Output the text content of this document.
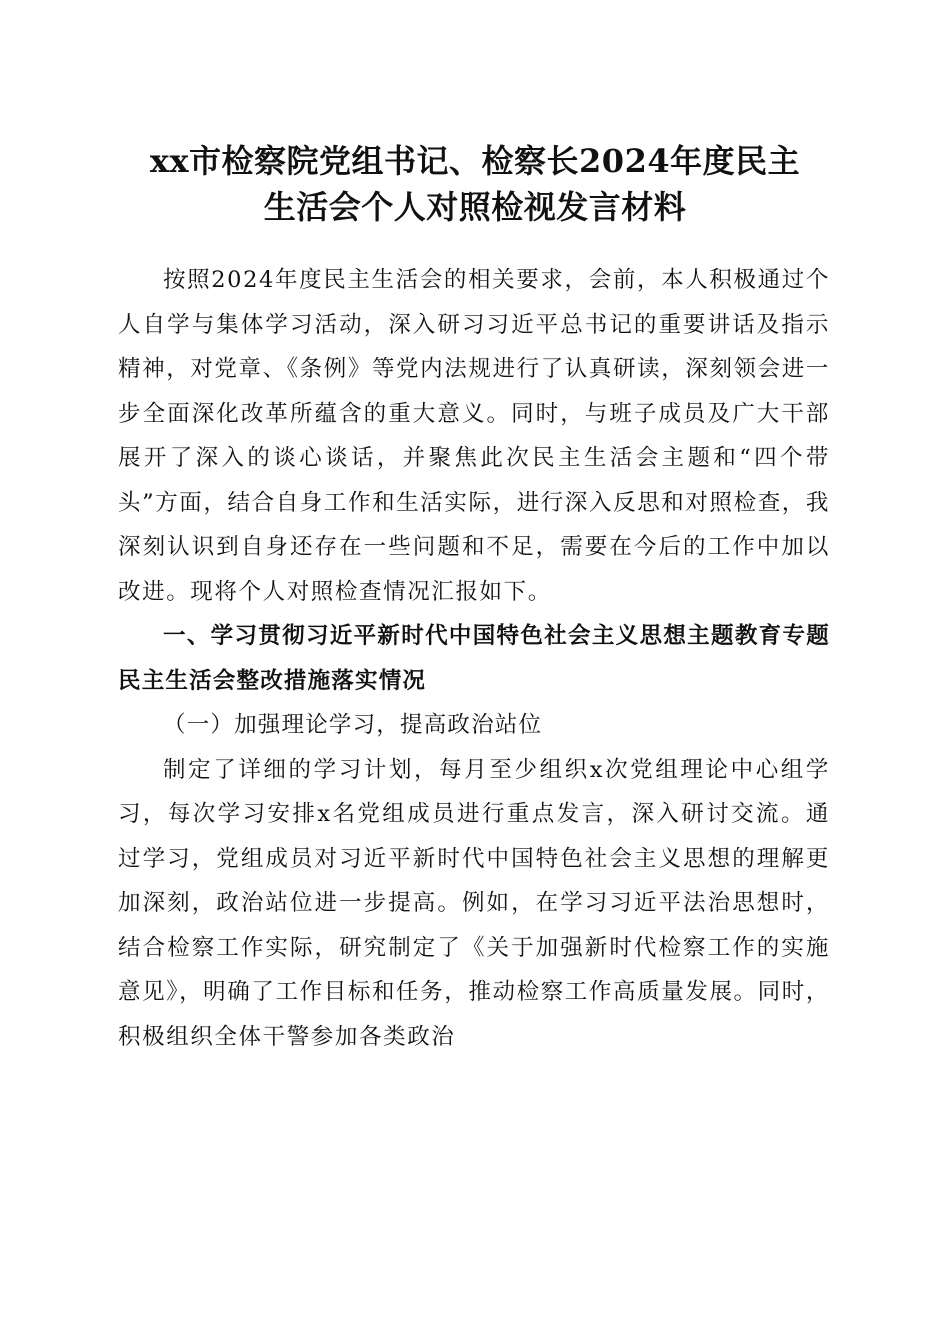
xx市检察院党组书记、检察长2024年度民主
生活会个人对照检视发言材料

按照2024年度民主生活会的相关要求，会前，本人积极通过个人自学与集体学习活动，深入研习习近平总书记的重要讲话及指示精神，对党章、《条例》等党内法规进行了认真研读，深刻领会进一步全面深化改革所蕴含的重大意义。同时，与班子成员及广大干部展开了深入的谈心谈话，并聚焦此次民主生活会主题和“四个带头”方面，结合自身工作和生活实际，进行深入反思和对照检查，我深刻认识到自身还存在一些问题和不足，需要在今后的工作中加以改进。现将个人对照检查情况汇报如下。

一、学习贯彻习近平新时代中国特色社会主义思想主题教育专题民主生活会整改措施落实情况

（一）加强理论学习，提高政治站位

制定了详细的学习计划，每月至少组织x次党组理论中心组学习，每次学习安排x名党组成员进行重点发言，深入研讨交流。通过学习，党组成员对习近平新时代中国特色社会主义思想的理解更加深刻，政治站位进一步提高。例如，在学习习近平法治思想时，结合检察工作实际，研究制定了《关于加强新时代检察工作的实施意见》，明确了工作目标和任务，推动检察工作高质量发展。同时，积极组织全体干警参加各类政治
